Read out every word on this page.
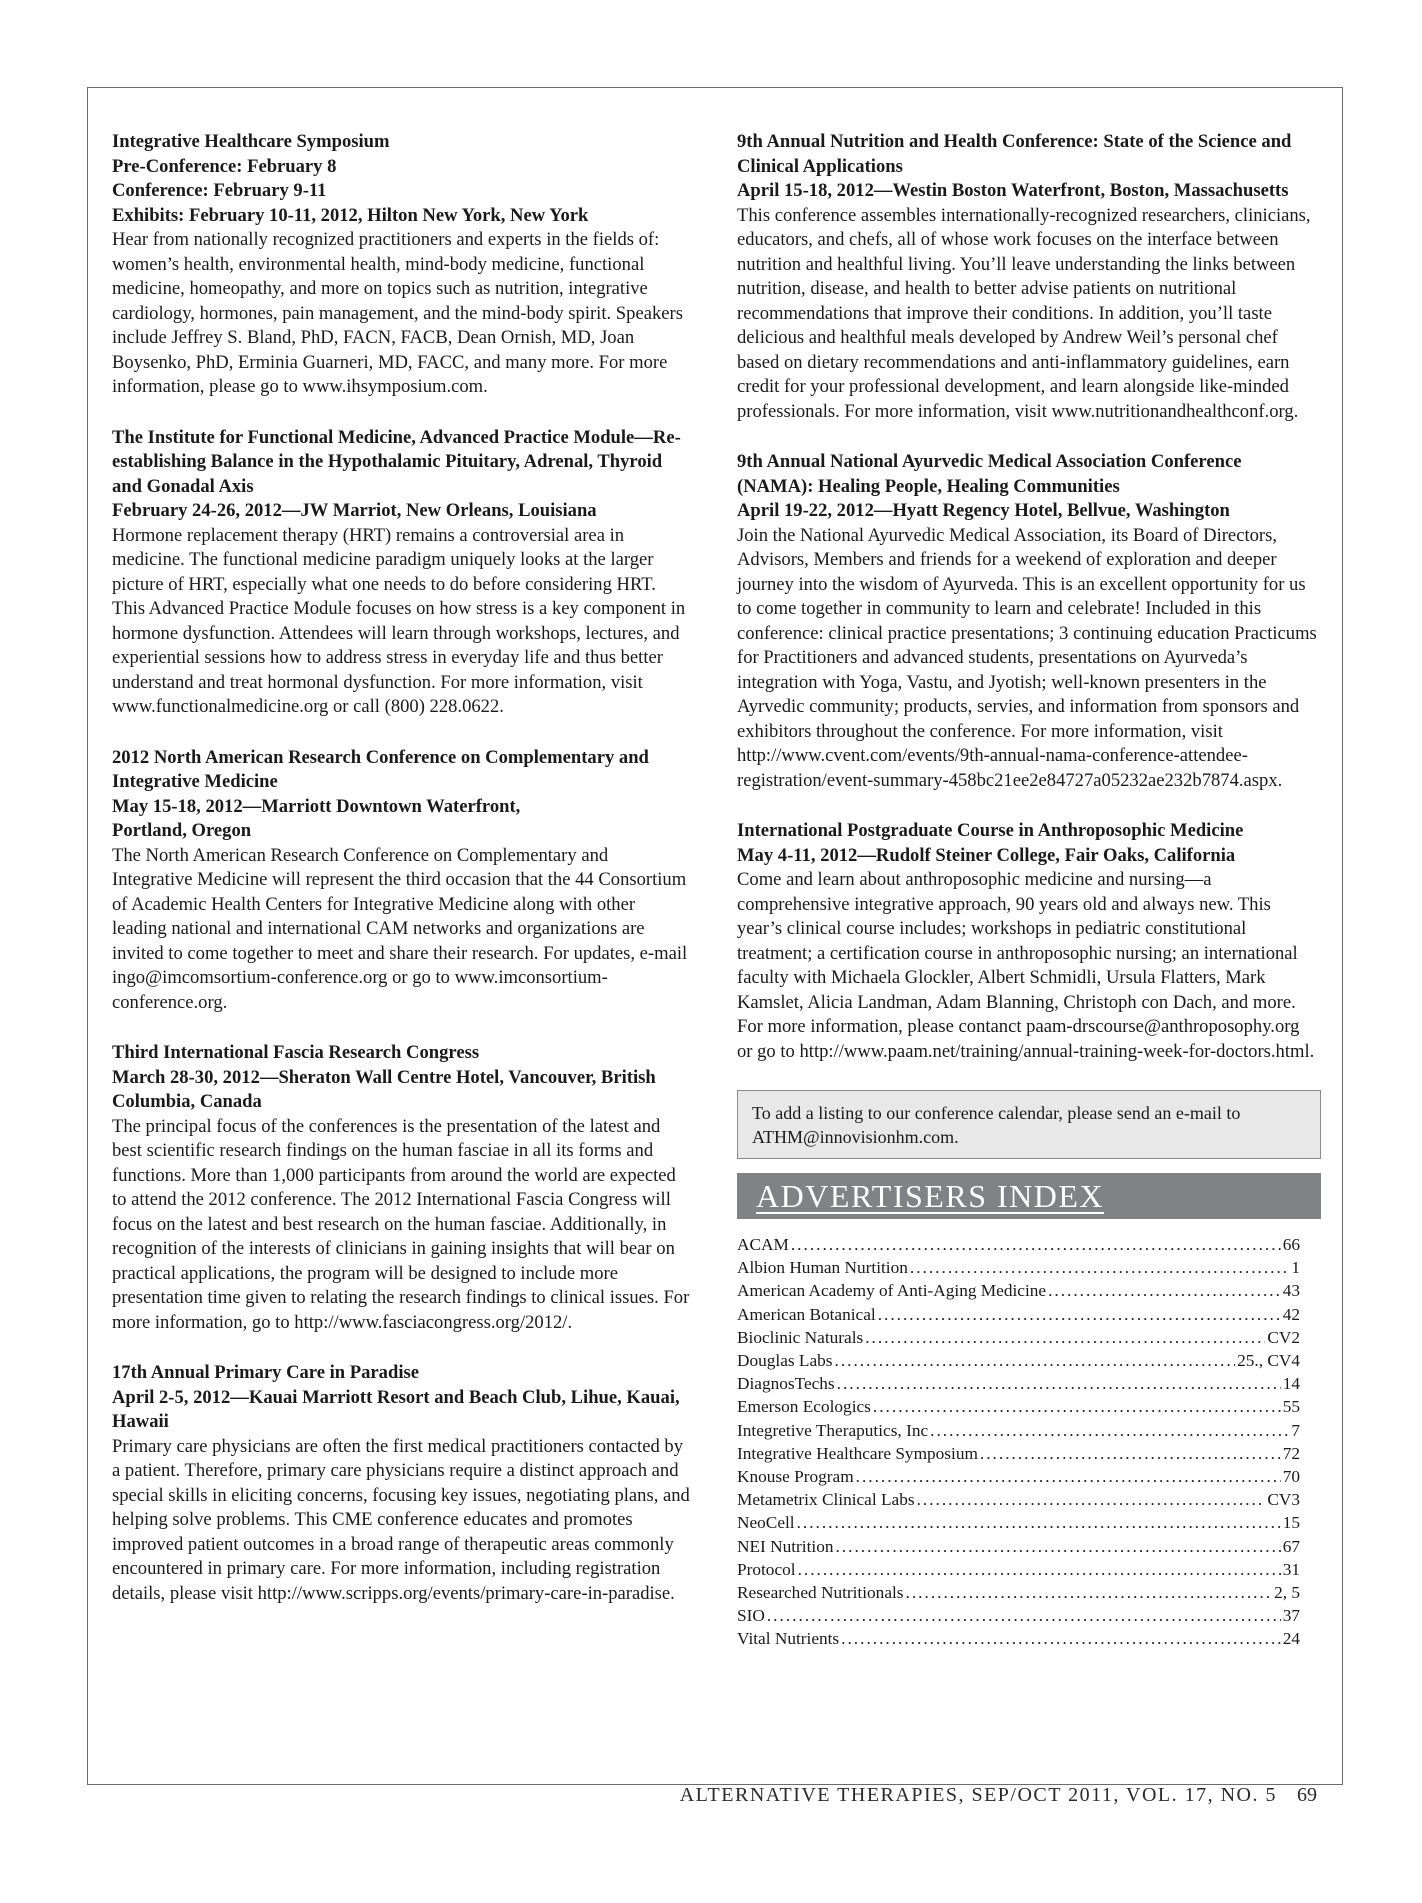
Integrative Healthcare Symposium
Pre-Conference: February 8
Conference: February 9-11
Exhibits: February 10-11, 2012, Hilton New York, New York

Hear from nationally recognized practitioners and experts in the fields of: women’s health, environmental health, mind-body medicine, functional medicine, homeopathy, and more on topics such as nutrition, integrative cardiology, hormones, pain management, and the mind-body spirit. Speakers include Jeffrey S. Bland, PhD, FACN, FACB, Dean Ornish, MD, Joan Boysenko, PhD, Erminia Guarneri, MD, FACC, and many more. For more information, please go to www.ihsymposium.com.

The Institute for Functional Medicine, Advanced Practice Module—Re-establishing Balance in the Hypothalamic Pituitary, Adrenal, Thyroid and Gonadal Axis
February 24-26, 2012—JW Marriot, New Orleans, Louisiana

Hormone replacement therapy (HRT) remains a controversial area in medicine. The functional medicine paradigm uniquely looks at the larger picture of HRT, especially what one needs to do before considering HRT. This Advanced Practice Module focuses on how stress is a key component in hormone dysfunction. Attendees will learn through workshops, lectures, and experiential sessions how to address stress in everyday life and thus better understand and treat hormonal dysfunction. For more information, visit www.functionalmedicine.org or call (800) 228.0622.

2012 North American Research Conference on Complementary and Integrative Medicine
May 15-18, 2012—Marriott Downtown Waterfront,
Portland, Oregon

The North American Research Conference on Complementary and Integrative Medicine will represent the third occasion that the 44 Consortium of Academic Health Centers for Integrative Medicine along with other leading national and international CAM networks and organizations are invited to come together to meet and share their research. For updates, e-mail ingo@imcomsortium-conference.org or go to www.imconsortium-conference.org.

Third International Fascia Research Congress
March 28-30, 2012—Sheraton Wall Centre Hotel, Vancouver, British Columbia, Canada

The principal focus of the conferences is the presentation of the latest and best scientific research findings on the human fasciae in all its forms and functions. More than 1,000 participants from around the world are expected to attend the 2012 conference. The 2012 International Fascia Congress will focus on the latest and best research on the human fasciae. Additionally, in recognition of the interests of clinicians in gaining insights that will bear on practical applications, the program will be designed to include more presentation time given to relating the research findings to clinical issues. For more information, go to http://www.fasciacongress.org/2012/.

17th Annual Primary Care in Paradise
April 2-5, 2012—Kauai Marriott Resort and Beach Club, Lihue, Kauai, Hawaii

Primary care physicians are often the first medical practitioners contacted by a patient. Therefore, primary care physicians require a distinct approach and special skills in eliciting concerns, focusing key issues, negotiating plans, and helping solve problems. This CME conference educates and promotes improved patient outcomes in a broad range of therapeutic areas commonly encountered in primary care. For more information, including registration details, please visit http://www.scripps.org/events/primary-care-in-paradise.

9th Annual Nutrition and Health Conference: State of the Science and Clinical Applications
April 15-18, 2012—Westin Boston Waterfront, Boston, Massachusetts

This conference assembles internationally-recognized researchers, clinicians, educators, and chefs, all of whose work focuses on the interface between nutrition and healthful living. You’ll leave understanding the links between nutrition, disease, and health to better advise patients on nutritional recommendations that improve their conditions. In addition, you’ll taste delicious and healthful meals developed by Andrew Weil’s personal chef based on dietary recommendations and anti-inflammatory guidelines, earn credit for your professional development, and learn alongside like-minded professionals. For more information, visit www.nutritionandhealthconf.org.

9th Annual National Ayurvedic Medical Association Conference (NAMA): Healing People, Healing Communities
April 19-22, 2012—Hyatt Regency Hotel, Bellvue, Washington

Join the National Ayurvedic Medical Association, its Board of Directors, Advisors, Members and friends for a weekend of exploration and deeper journey into the wisdom of Ayurveda. This is an excellent opportunity for us to come together in community to learn and celebrate! Included in this conference: clinical practice presentations; 3 continuing education Practicums for Practitioners and advanced students, presentations on Ayurveda’s integration with Yoga, Vastu, and Jyotish; well-known presenters in the Ayrvedic community; products, servies, and information from sponsors and exhibitors throughout the conference. For more information, visit http://www.cvent.com/events/9th-annual-nama-conference-attendee-registration/event-summary-458bc21ee2e84727a05232ae232b7874.aspx.

International Postgraduate Course in Anthroposophic Medicine
May 4-11, 2012—Rudolf Steiner College, Fair Oaks, California

Come and learn about anthroposophic medicine and nursing—a comprehensive integrative approach, 90 years old and always new. This year’s clinical course includes; workshops in pediatric constitutional treatment; a certification course in anthroposophic nursing; an international faculty with Michaela Glockler, Albert Schmidli, Ursula Flatters, Mark Kamslet, Alicia Landman, Adam Blanning, Christoph con Dach, and more. For more information, please contanct paam-drscourse@anthroposophy.org or go to http://www.paam.net/training/annual-training-week-for-doctors.html.

To add a listing to our conference calendar, please send an e-mail to ATHM@innovisionhm.com.
ADVERTISERS INDEX
ACAM .....	66
Albion Human Nurtition .....	1
American Academy of Anti-Aging Medicine .....	43
American Botanical .....	42
Bioclinic Naturals .....	CV2
Douglas Labs .....	25., CV4
DiagnosTechs .....	14
Emerson Ecologics .....	55
Integretive Theraputics, Inc .....	7
Integrative Healthcare Symposium .....	72
Knouse Program .....	70
Metametrix Clinical Labs .....	CV3
NeoCell .....	15
NEI Nutrition .....	67
Protocol .....	31
Researched Nutritionals .....	2, 5
SIO .....	37
Vital Nutrients .....	24
ALTERNATIVE THERAPIES, SEP/OCT 2011, VOL. 17, NO. 5 69
